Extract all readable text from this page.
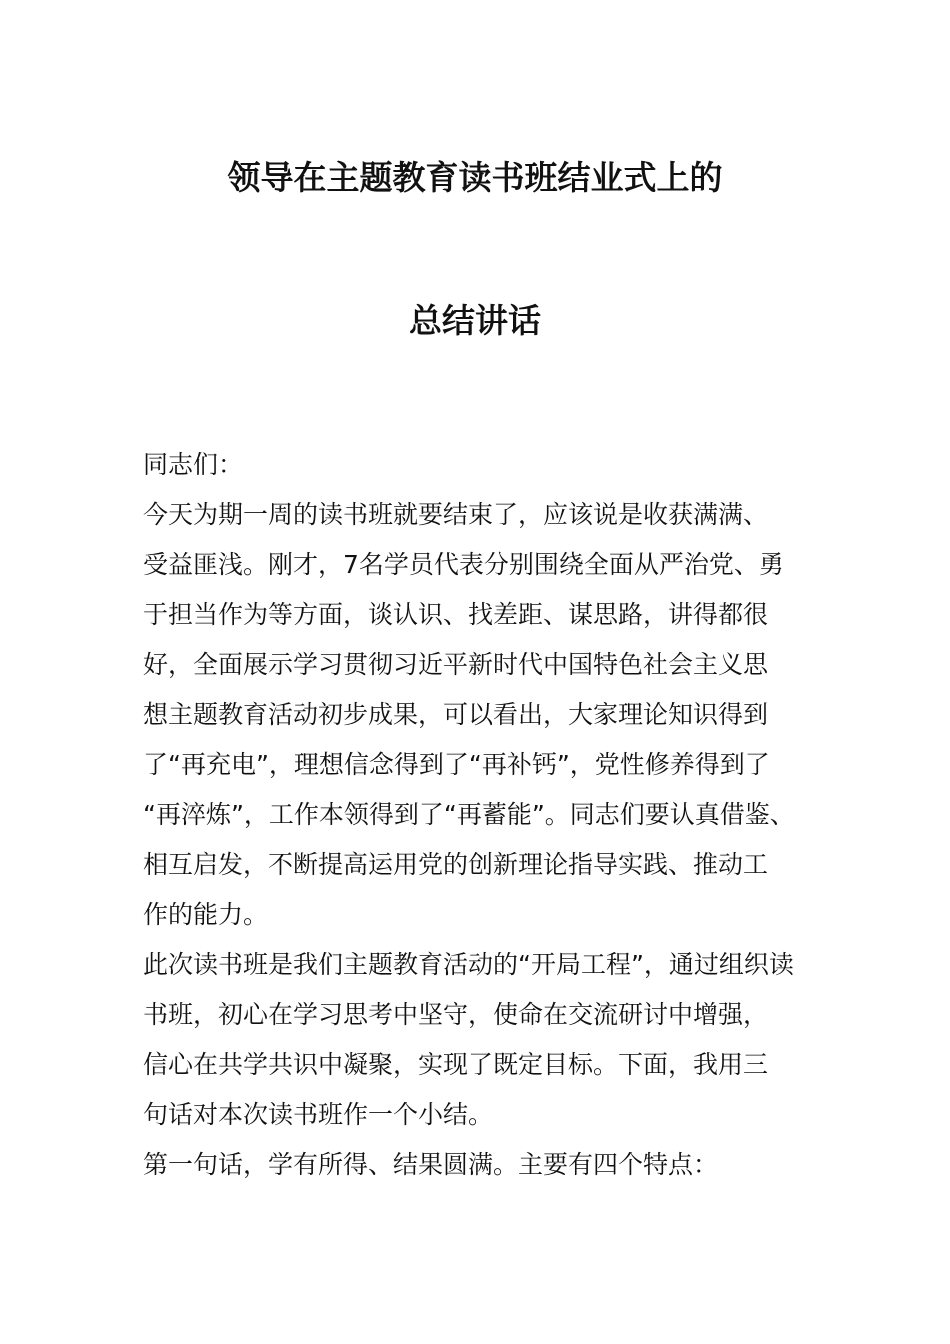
领导在主题教育读书班结业式上的
总结讲话
同志们：
今天为期一周的读书班就要结束了，应该说是收获满满、
受益匪浅。刚才，7名学员代表分别围绕全面从严治党、勇
于担当作为等方面，谈认识、找差距、谋思路，讲得都很
好，全面展示学习贯彻习近平新时代中国特色社会主义思
想主题教育活动初步成果，可以看出，大家理论知识得到
了“再充电”，理想信念得到了“再补钙”，党性修养得到了
“再淬炼”，工作本领得到了“再蓄能”。同志们要认真借鉴、
相互启发，不断提高运用党的创新理论指导实践、推动工
作的能力。
此次读书班是我们主题教育活动的“开局工程”，通过组织读
书班，初心在学习思考中坚守，使命在交流研讨中增强，
信心在共学共识中凝聚，实现了既定目标。下面，我用三
句话对本次读书班作一个小结。
第一句话，学有所得、结果圆满。主要有四个特点：
